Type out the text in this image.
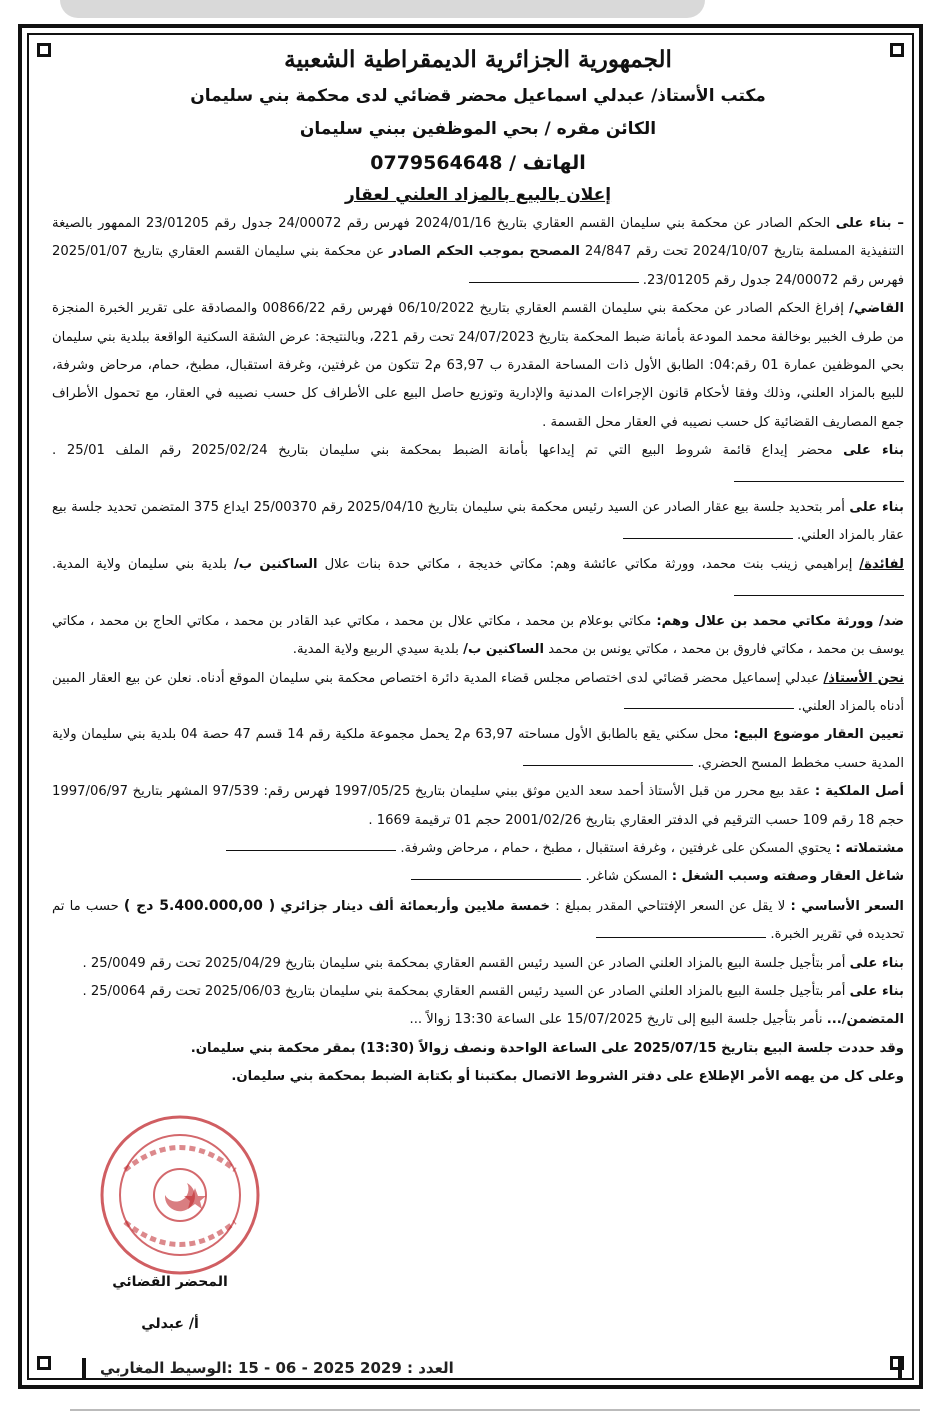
الجمهورية الجزائرية الديمقراطية الشعبية
مكتب الأستاذ/ عبدلي اسماعيل محضر قضائي لدى محكمة بني سليمان
الكائن مقره / بحي الموظفين ببني سليمان
الهاتف / 0779564648
إعلان بالبيع بالمزاد العلني لعقار

– بناء على الحكم الصادر عن محكمة بني سليمان القسم العقاري بتاريخ 2024/01/16 فهرس رقم 24/00072 جدول رقم 23/01205 الممهور بالصيغة التنفيذية المسلمة بتاريخ 2024/10/07 تحت رقم 24/847 المصحح بموجب الحكم الصادر عن محكمة بني سليمان القسم العقاري بتاريخ 2025/01/07 فهرس رقم 24/00072 جدول رقم 23/01205.

القاضي/ إفراغ الحكم الصادر عن محكمة بني سليمان القسم العقاري بتاريخ 06/10/2022 فهرس رقم 00866/22 والمصادقة على تقرير الخبرة المنجزة من طرف الخبير بوخالفة محمد المودعة بأمانة ضبط المحكمة بتاريخ 24/07/2023 تحت رقم 221، وبالنتيجة: عرض الشقة السكنية الواقعة ببلدية بني سليمان بحي الموظفين عمارة 01 رقم:04: الطابق الأول ذات المساحة المقدرة ب 63,97 م2 تتكون من غرفتين، وغرفة استقبال، مطبخ، حمام، مرحاض وشرفة، للبيع بالمزاد العلني، وذلك وفقا لأحكام قانون الإجراءات المدنية والإدارية وتوزيع حاصل البيع على الأطراف كل حسب نصيبه في العقار، مع تحمول الأطراف جمع المصاريف القضائية كل حسب نصيبه في العقار محل القسمة .

بناء على محضر إيداع قائمة شروط البيع التي تم إيداعها بأمانة الضبط بمحكمة بني سليمان بتاريخ 2025/02/24 رقم الملف 25/01 .

بناء على أمر بتحديد جلسة بيع عقار الصادر عن السيد رئيس محكمة بني سليمان بتاريخ 2025/04/10 رقم 25/00370 ايداع 375 المتضمن تحديد جلسة بيع عقار بالمزاد العلني.

لفائدة/ إبراهيمي زينب بنت محمد، وورثة مكاتي عائشة وهم: مكاتي خديجة ، مكاتي حدة بنات علال الساكنين ب/ بلدية بني سليمان ولاية المدية.

ضد/ وورثة مكاتي محمد بن علال وهم: مكاتي بوعلام بن محمد ، مكاتي علال بن محمد ، مكاتي عبد القادر بن محمد ، مكاتي الحاج بن محمد ، مكاتي يوسف بن محمد ، مكاتي فاروق بن محمد ، مكاتي يونس بن محمد الساكنين ب/ بلدية سيدي الربيع ولاية المدية.

نحن الأستاذ/ عبدلي إسماعيل محضر قضائي لدى اختصاص مجلس قضاء المدية دائرة اختصاص محكمة بني سليمان الموقع أدناه. نعلن عن بيع العقار المبين أدناه بالمزاد العلني.

تعيين العقار موضوع البيع: محل سكني يقع بالطابق الأول مساحته 63,97 م2 يحمل مجموعة ملكية رقم 14 قسم 47 حصة 04 بلدية بني سليمان ولاية المدية حسب مخطط المسح الحضري.

أصل الملكية : عقد بيع محرر من قبل الأستاذ أحمد سعد الدين موثق ببني سليمان بتاريخ 1997/05/25 فهرس رقم: 97/539 المشهر بتاريخ 1997/06/97 حجم 18 رقم 109 حسب الترقيم في الدفتر العقاري بتاريخ 2001/02/26 حجم 01 ترقيمة 1669 .

مشتملاته : يحتوي المسكن على غرفتين ، وغرفة استقبال ، مطبخ ، حمام ، مرحاض وشرفة.

شاغل العقار وصفته وسبب الشغل : المسكن شاغر.

السعر الأساسي : لا يقل عن السعر الإفتتاحي المقدر بمبلغ : خمسة ملايين وأربعمائة ألف دينار جزائري ( 5.400.000,00 دج ) حسب ما تم تحديده في تقرير الخبرة.

بناء على أمر بتأجيل جلسة البيع بالمزاد العلني الصادر عن السيد رئيس القسم العقاري بمحكمة بني سليمان بتاريخ 2025/04/29 تحت رقم 25/0049 .

بناء على أمر بتأجيل جلسة البيع بالمزاد العلني الصادر عن السيد رئيس القسم العقاري بمحكمة بني سليمان بتاريخ 2025/06/03 تحت رقم 25/0064 .

المتضمن/... نأمر بتأجيل جلسة البيع إلى تاريخ 15/07/2025 على الساعة 13:30 زوالاً ...

وقد حددت جلسة البيع بتاريخ 2025/07/15 على الساعة الواحدة ونصف زوالاً (13:30) بمقر محكمة بني سليمان.

وعلى كل من يهمه الأمر الإطلاع على دفتر الشروط الاتصال بمكتبنا أو بكتابة الضبط بمحكمة بني سليمان.

المحضر القضائي
أ/ عبدلي
العدد : 2029 2025 - 06 - 15 :الوسيط المغاربي
